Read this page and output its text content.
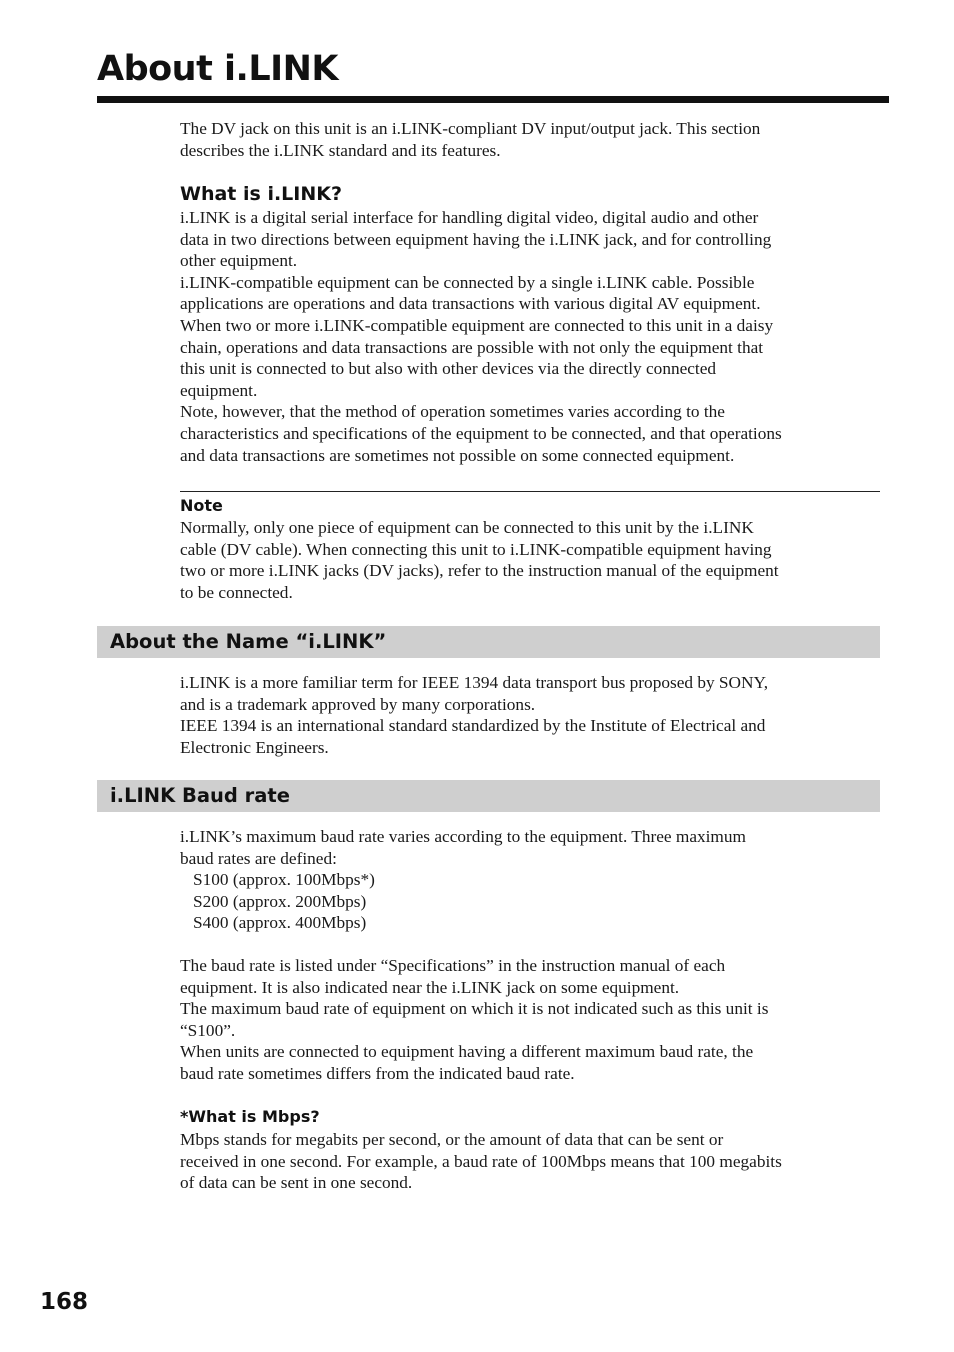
About i.LINK

The DV jack on this unit is an i.LINK-compliant DV input/output jack. This section
describes the i.LINK standard and its features.

What is i.LINK?

i.LINK is a digital serial interface for handling digital video, digital audio and other
data in two directions between equipment having the i.LINK jack, and for controlling
other equipment.
i.LINK-compatible equipment can be connected by a single i.LINK cable. Possible
applications are operations and data transactions with various digital AV equipment.
When two or more i.LINK-compatible equipment are connected to this unit in a daisy
chain, operations and data transactions are possible with not only the equipment that
this unit is connected to but also with other devices via the directly connected
equipment.
Note, however, that the method of operation sometimes varies according to the
characteristics and specifications of the equipment to be connected, and that operations
and data transactions are sometimes not possible on some connected equipment.

Note

Normally, only one piece of equipment can be connected to this unit by the i.LINK
cable (DV cable). When connecting this unit to i.LINK-compatible equipment having
two or more i.LINK jacks (DV jacks), refer to the instruction manual of the equipment
to be connected.

About the Name “i.LINK”

i.LINK is a more familiar term for IEEE 1394 data transport bus proposed by SONY,
and is a trademark approved by many corporations.
IEEE 1394 is an international standard standardized by the Institute of Electrical and
Electronic Engineers.

i.LINK Baud rate

i.LINK’s maximum baud rate varies according to the equipment. Three maximum
baud rates are defined:

S100 (approx. 100Mbps*)
S200 (approx. 200Mbps)
S400 (approx. 400Mbps)

The baud rate is listed under “Specifications” in the instruction manual of each
equipment. It is also indicated near the i.LINK jack on some equipment.
The maximum baud rate of equipment on which it is not indicated such as this unit is
“S100”.
When units are connected to equipment having a different maximum baud rate, the
baud rate sometimes differs from the indicated baud rate.

*What is Mbps?

Mbps stands for megabits per second, or the amount of data that can be sent or
received in one second. For example, a baud rate of 100Mbps means that 100 megabits
of data can be sent in one second.

168
